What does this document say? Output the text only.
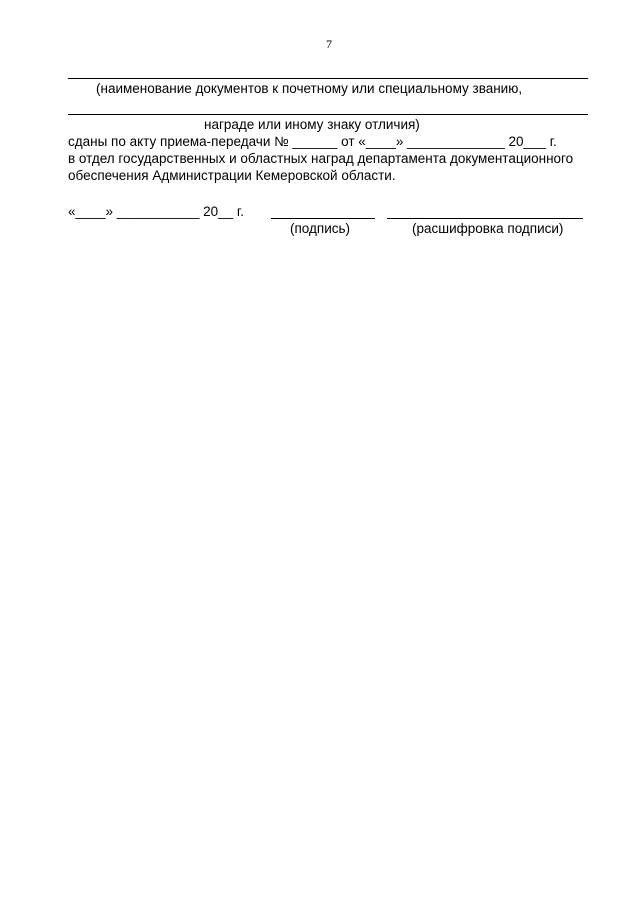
7
(наименование документов к почетному или специальному званию,
награде или иному знаку отличия)
сданы по акту приема-передачи № ______ от «____» _____________ 20___ г.
в отдел государственных и областных наград департамента документационного
обеспечения Администрации Кемеровской области.
«____» ___________ 20__ г.
(подпись)	(расшифровка подписи)
